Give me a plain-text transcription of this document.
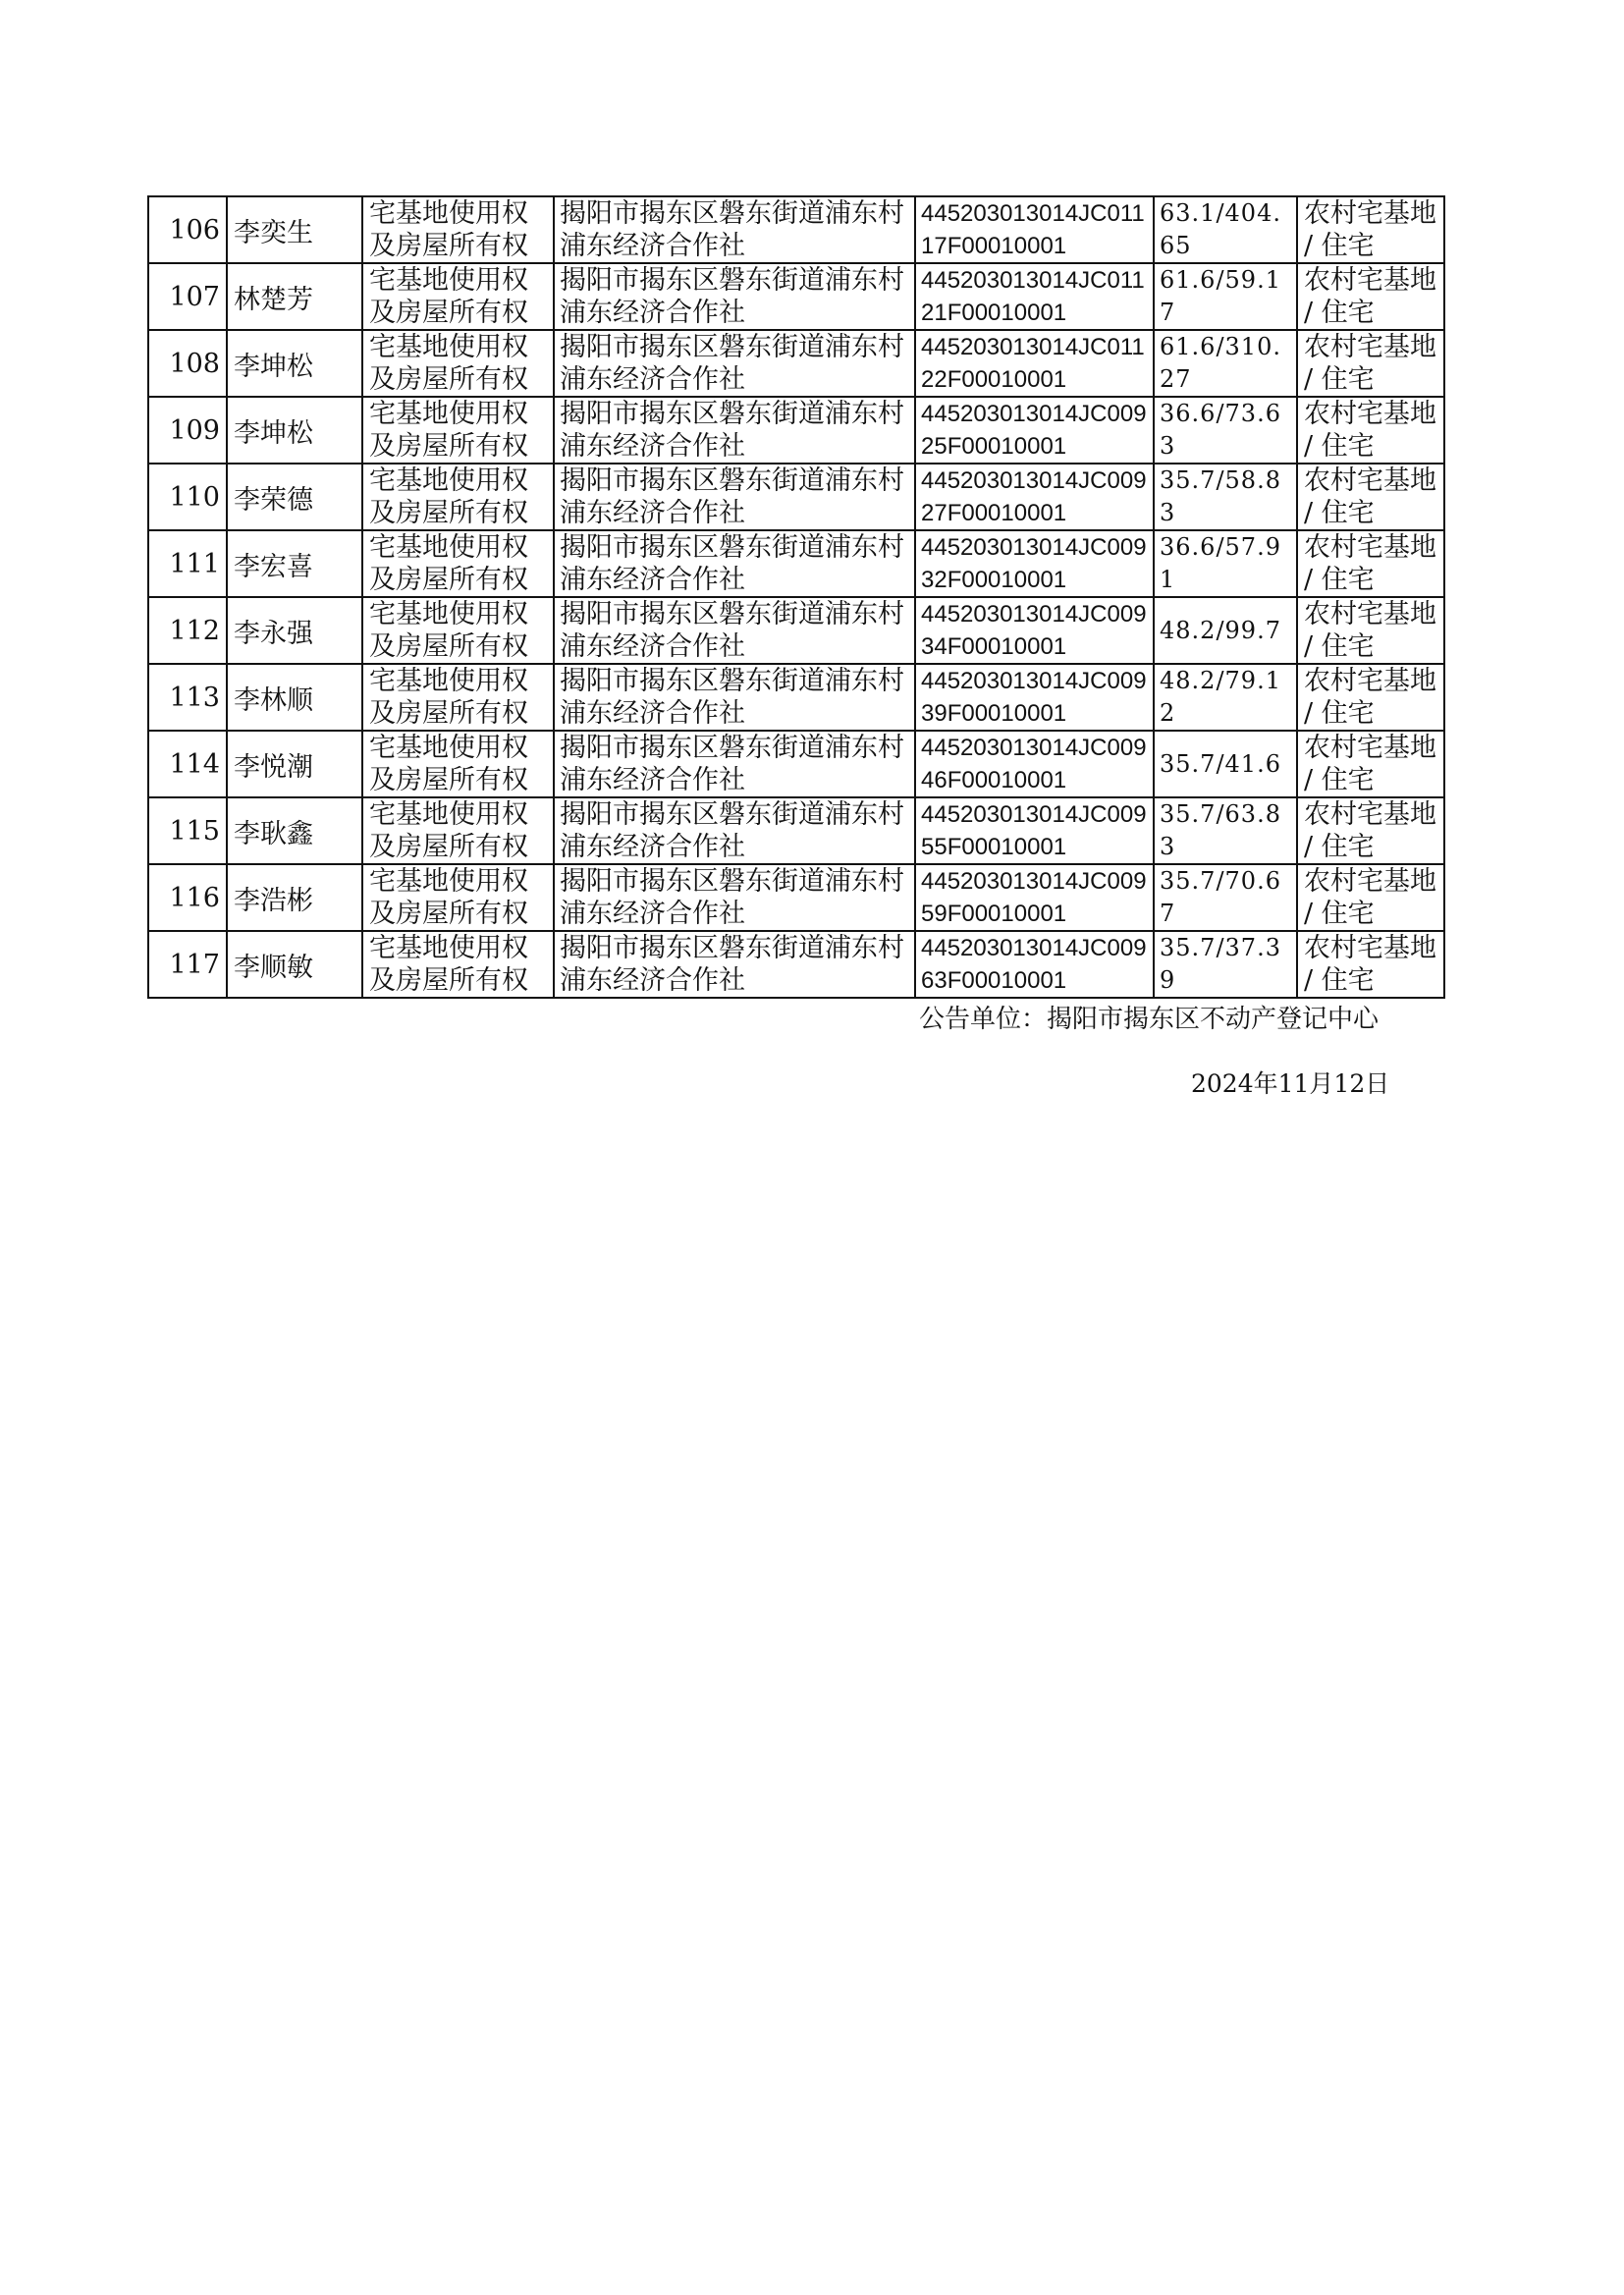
106	李奕生	宅基地使用权及房屋所有权	揭阳市揭东区磐东街道浦东村浦东经济合作社	445203013014JC01117F00010001	63.1/404.65	农村宅基地 / 住宅

107	林楚芳	宅基地使用权及房屋所有权	揭阳市揭东区磐东街道浦东村浦东经济合作社	445203013014JC01121F00010001	61.6/59.17	农村宅基地 / 住宅

108	李坤松	宅基地使用权及房屋所有权	揭阳市揭东区磐东街道浦东村浦东经济合作社	445203013014JC01122F00010001	61.6/310.27	农村宅基地 / 住宅

109	李坤松	宅基地使用权及房屋所有权	揭阳市揭东区磐东街道浦东村浦东经济合作社	445203013014JC00925F00010001	36.6/73.63	农村宅基地 / 住宅

110	李荣德	宅基地使用权及房屋所有权	揭阳市揭东区磐东街道浦东村浦东经济合作社	445203013014JC00927F00010001	35.7/58.83	农村宅基地 / 住宅

111	李宏喜	宅基地使用权及房屋所有权	揭阳市揭东区磐东街道浦东村浦东经济合作社	445203013014JC00932F00010001	36.6/57.91	农村宅基地 / 住宅

112	李永强	宅基地使用权及房屋所有权	揭阳市揭东区磐东街道浦东村浦东经济合作社	445203013014JC00934F00010001	48.2/99.7	农村宅基地 / 住宅

113	李林顺	宅基地使用权及房屋所有权	揭阳市揭东区磐东街道浦东村浦东经济合作社	445203013014JC00939F00010001	48.2/79.12	农村宅基地 / 住宅

114	李悦潮	宅基地使用权及房屋所有权	揭阳市揭东区磐东街道浦东村浦东经济合作社	445203013014JC00946F00010001	35.7/41.6	农村宅基地 / 住宅

115	李耿鑫	宅基地使用权及房屋所有权	揭阳市揭东区磐东街道浦东村浦东经济合作社	445203013014JC00955F00010001	35.7/63.83	农村宅基地 / 住宅

116	李浩彬	宅基地使用权及房屋所有权	揭阳市揭东区磐东街道浦东村浦东经济合作社	445203013014JC00959F00010001	35.7/70.67	农村宅基地 / 住宅

117	李顺敏	宅基地使用权及房屋所有权	揭阳市揭东区磐东街道浦东村浦东经济合作社	445203013014JC00963F00010001	35.7/37.39	农村宅基地 / 住宅
公告单位：揭阳市揭东区不动产登记中心
2024年11月12日
